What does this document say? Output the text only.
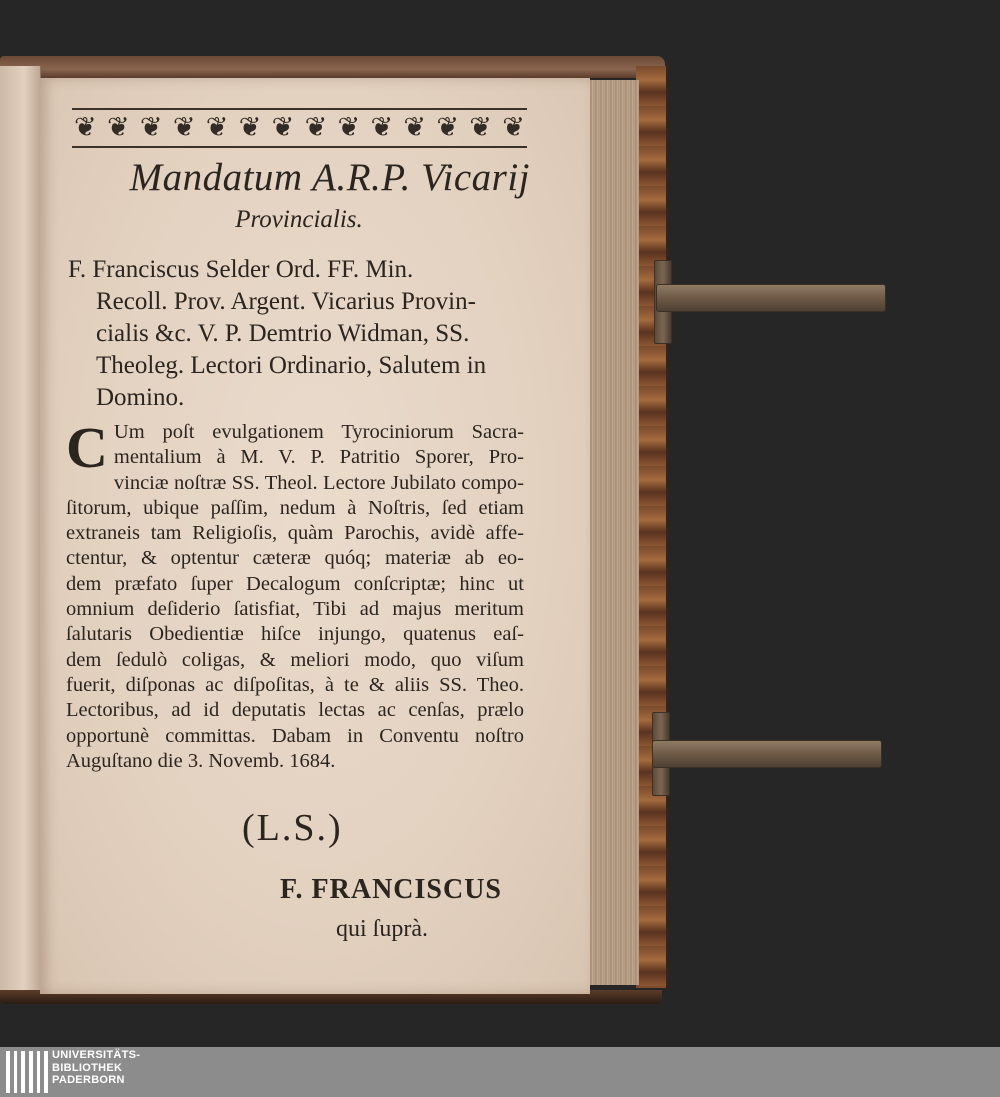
❦ ❦ ❦ ❦ ❦ ❦ ❦ ❦ ❦ ❦ ❦ ❦ ❦ ❦
Mandatum A.R.P. Vicarij
Provincialis.
F. Franciscus Selder Ord. FF. Min.
Recoll. Prov. Argent. Vicarius Provin-
cialis &c. V. P. Demtrio Widman, SS.
Theoleg. Lectori Ordinario, Salutem in
Domino.
C Um poſt evulgationem Tyrociniorum Sacra-
mentalium à M. V. P. Patritio Sporer, Pro-
vinciæ noſtræ SS. Theol. Lectore Jubilato compo-
ſitorum, ubique paſſim, nedum à Noſtris, ſed etiam
extraneis tam Religioſis, quàm Parochis, avidè affe-
ctentur, & optentur cæteræ quóq; materiæ ab eo-
dem præfato ſuper Decalogum conſcriptæ; hinc ut
omnium deſiderio ſatisfiat, Tibi ad majus meritum
ſalutaris Obedientiæ hiſce injungo, quatenus eaſ-
dem ſedulò coligas, & meliori modo, quo viſum
fuerit, diſponas ac diſpoſitas, à te & aliis SS. Theo.
Lectoribus, ad id deputatis lectas ac cenſas, prælo
opportunè committas. Dabam in Conventu noſtro
Auguſtano die 3. Novemb. 1684.
(L.S.)
F. FRANCISCUS
qui ſuprà.
UNIVERSITÄTS-
BIBLIOTHEK
PADERBORN
